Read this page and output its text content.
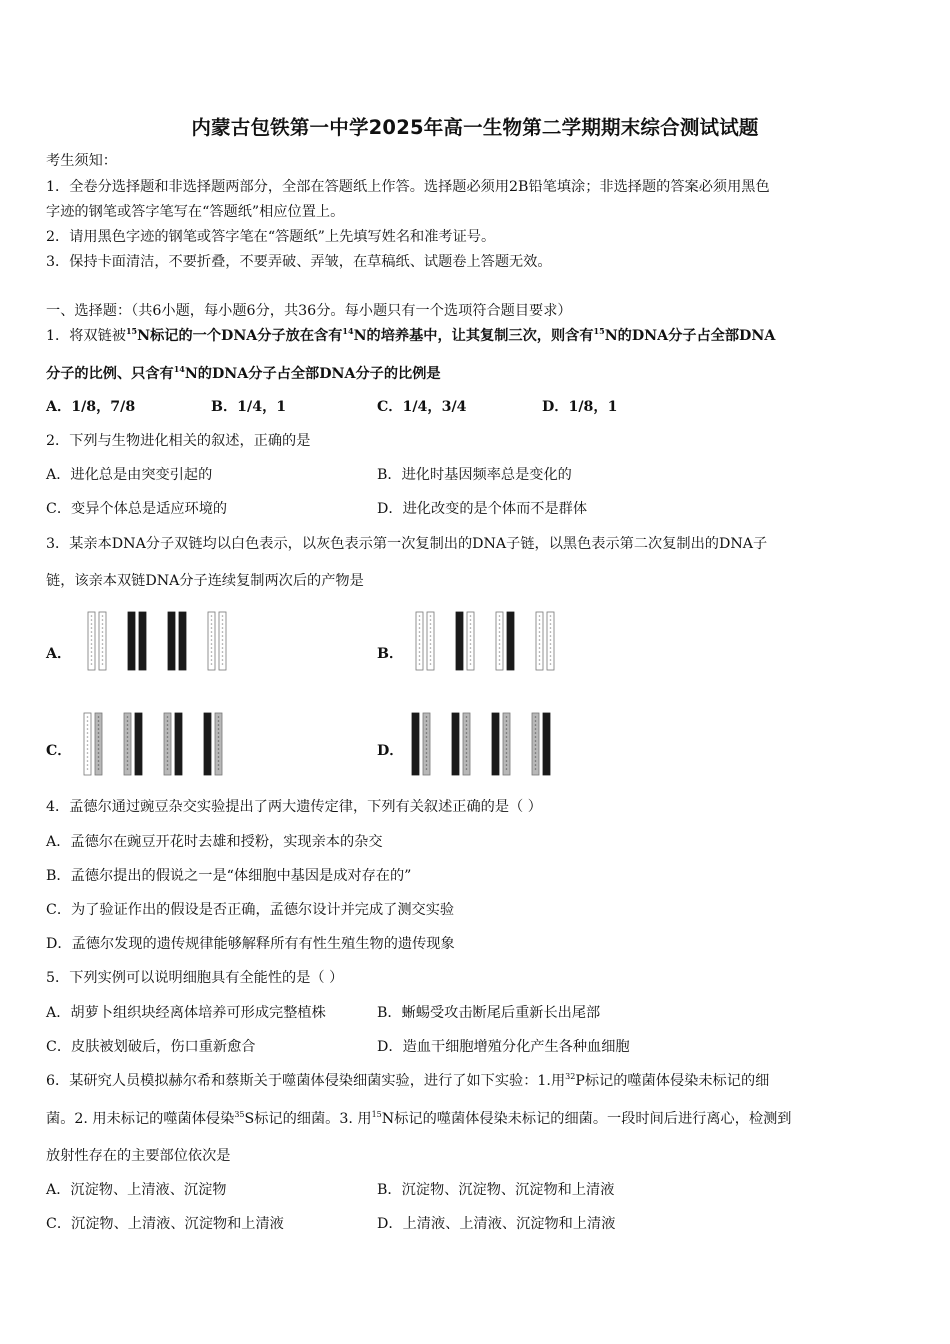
内蒙古包铁第一中学2025年高一生物第二学期期末综合测试试题
考生须知：
1．全卷分选择题和非选择题两部分，全部在答题纸上作答。选择题必须用2B铅笔填涂；非选择题的答案必须用黑色
字迹的钢笔或答字笔写在“答题纸”相应位置上。
2．请用黑色字迹的钢笔或答字笔在“答题纸”上先填写姓名和准考证号。
3．保持卡面清洁，不要折叠，不要弄破、弄皱，在草稿纸、试题卷上答题无效。
一、选择题：（共6小题，每小题6分，共36分。每小题只有一个选项符合题目要求）
1．将双链被$^{15}$N标记的一个DNA分子放在含有$^{14}$N的培养基中，让其复制三次，则含有$^{15}$N的DNA分子占全部DNA
分子的比例、只含有$^{14}$N的DNA分子占全部DNA分子的比例是
A．1/8，7/8	B．1/4，1	C．1/4，3/4	D．1/8，1
2．下列与生物进化相关的叙述，正确的是
A．进化总是由突变引起的	B．进化时基因频率总是变化的
C．变异个体总是适应环境的	D．进化改变的是个体而不是群体
3．某亲本DNA分子双链均以白色表示，以灰色表示第一次复制出的DNA子链，以黑色表示第二次复制出的DNA子
链，该亲本双链DNA分子连续复制两次后的产物是
A．	B．
C．	D．
4．孟德尔通过豌豆杂交实验提出了两大遗传定律，下列有关叙述正确的是（ ）
A．孟德尔在豌豆开花时去雄和授粉，实现亲本的杂交
B．孟德尔提出的假说之一是“体细胞中基因是成对存在的”
C．为了验证作出的假设是否正确，孟德尔设计并完成了测交实验
D．孟德尔发现的遗传规律能够解释所有有性生殖生物的遗传现象
5．下列实例可以说明细胞具有全能性的是（ ）
A．胡萝卜组织块经离体培养可形成完整植株	B．蜥蜴受攻击断尾后重新长出尾部
C．皮肤被划破后，伤口重新愈合	D．造血干细胞增殖分化产生各种血细胞
6．某研究人员模拟赫尔希和蔡斯关于噬菌体侵染细菌实验，进行了如下实验：1.用$^{32}$P标记的噬菌体侵染未标记的细
菌。2. 用未标记的噬菌体侵染$^{35}$S标记的细菌。3. 用$^{15}$N标记的噬菌体侵染未标记的细菌。一段时间后进行离心，检测到
放射性存在的主要部位依次是
A．沉淀物、上清液、沉淀物	B．沉淀物、沉淀物、沉淀物和上清液
C．沉淀物、上清液、沉淀物和上清液	D．上清液、上清液、沉淀物和上清液
